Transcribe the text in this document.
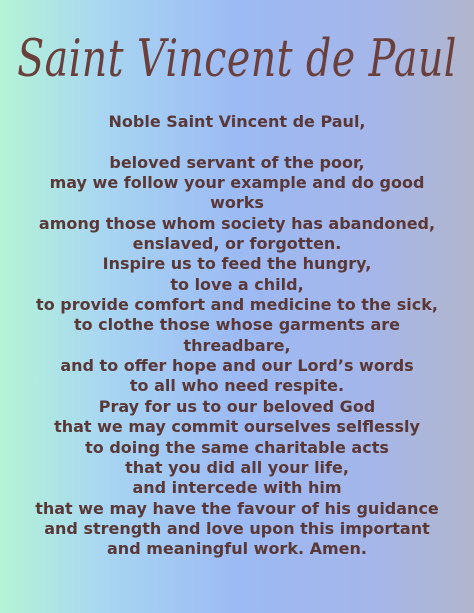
Saint Vincent de Paul
Noble Saint Vincent de Paul,
beloved servant of the poor,
may we follow your example and do good
works
among those whom society has abandoned,
enslaved, or forgotten.
Inspire us to feed the hungry,
to love a child,
to provide comfort and medicine to the sick,
to clothe those whose garments are
threadbare,
and to offer hope and our Lord’s words
to all who need respite.
Pray for us to our beloved God
that we may commit ourselves selflessly
to doing the same charitable acts
that you did all your life,
and intercede with him
that we may have the favour of his guidance
and strength and love upon this important
and meaningful work. Amen.
